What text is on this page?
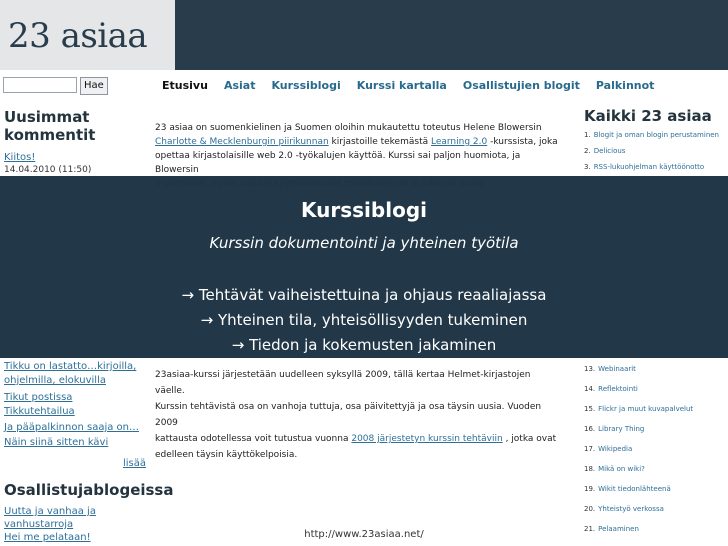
23 asiaa
Hae	Etusivu Asiat Kurssiblogi Kurssi kartalla Osallistujien blogit Palkinnot
Uusimmat
kommentit
Kiitos!
14.04.2010 (11:50)
Tikku on lastatto…kirjoilla,
ohjelmilla, elokuvilla
Tikut postissa
Tikkutehtailua
Ja pääpalkinnon saaja on…
Näin siinä sitten kävi
lisää
Osallistujablogeissa
Uutta ja vanhaa ja
vanhustarroja
Hei me pelataan!
23 asiaa on suomenkielinen ja Suomen oloihin mukautettu toteutus Helene Blowersin
Charlotte & Mecklenburgin piirikunnan kirjastoille tekemästä Learning 2.0 -kurssista, joka
opettaa kirjastolaisille web 2.0 -työkalujen käyttöä. Kurssi sai paljon huomiota, ja Blowersin

23asiaa-kurssi järjestetään uudelleen syksyllä 2009, tällä kertaa Helmet-kirjastojen väelle.
Kurssin tehtävistä osa on vanhoja tuttuja, osa päivitettyjä ja osa täysin uusia. Vuoden 2009
kattausta odotellessa voit tutustua vuonna 2008 järjestetyn kurssin tehtäviin , jotka ovat
edelleen täysin käyttökelpoisia.
Kaikki 23 asiaa
1. Blogit ja oman blogin perustaminen
2. Delicious
3. RSS-lukuohjelman käyttöönotto
13. Webinaarit
14. Reflektointi
15. Flickr ja muut kuvapalvelut
16. Library Thing
17. Wikipedia
18. Mikä on wiki?
19. Wikit tiedonlähteenä
20. Yhteistyö verkossa
21. Pelaaminen
Kurssiblogi
Kurssin dokumentointi ja yhteinen työtila
→ Tehtävät vaiheistettuina ja ohjaus reaaliajassa
→ Yhteinen tila, yhteisöllisyyden tukeminen
→ Tiedon ja kokemusten jakaminen
http://www.23asiaa.net/
